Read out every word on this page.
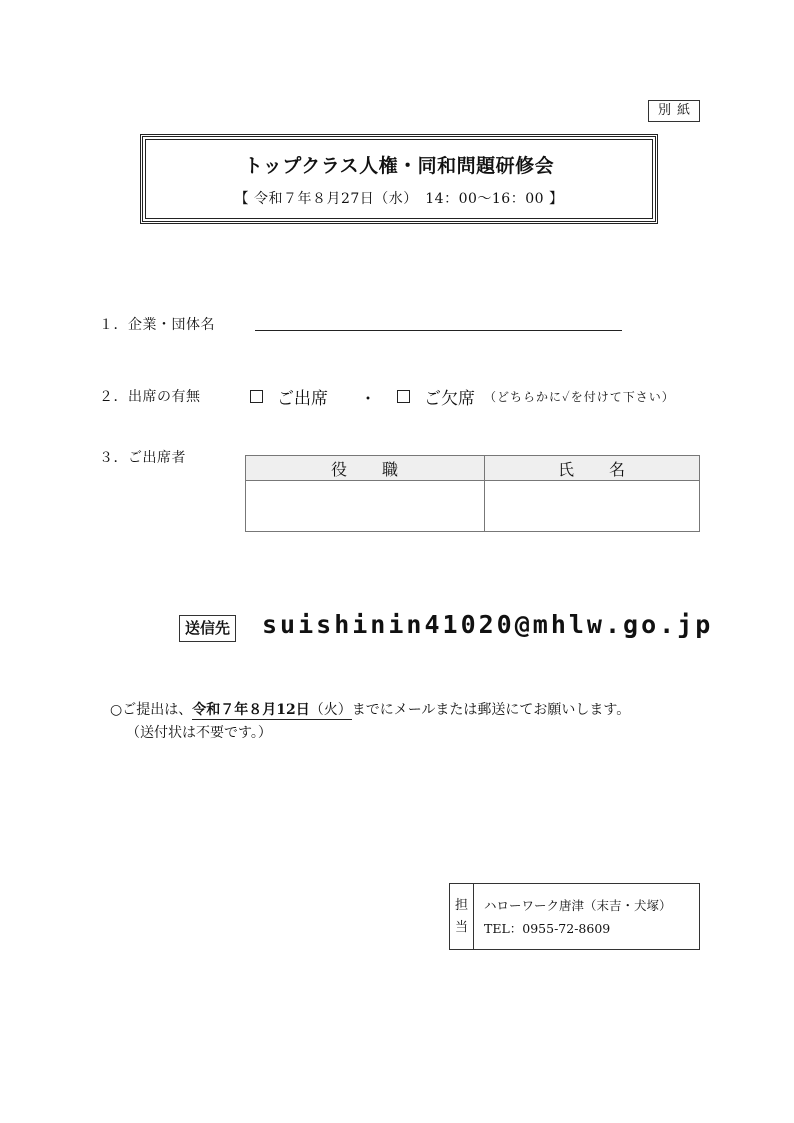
別紙
トップクラス人権・同和問題研修会
【 令和７年８月27日（水）　14：00〜16：00 】
１．企業・団体名
２．出席の有無	ご出席 ・	ご欠席 （どちらかに✓を付けて下さい）
３．ご出席者
役　　職	氏　　名

送信先 suishinin41020@mhlw.go.jp
○ご提出は、令和７年８月12日（火）までにメールまたは郵送にてお願いします。
（送付状は不要です。）
担
当
ハローワーク唐津（末吉・犬塚）
TEL：0955-72-8609
